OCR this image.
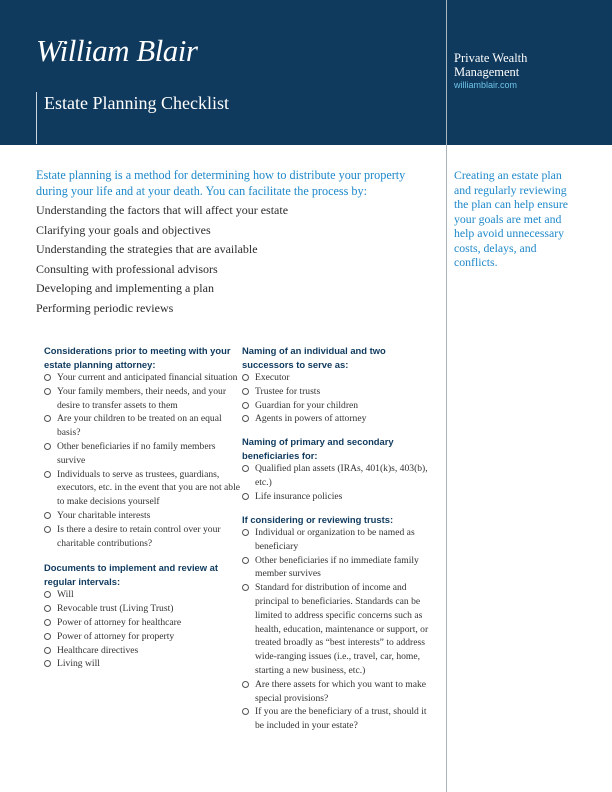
William Blair
Estate Planning Checklist
Private Wealth
Management
williamblair.com
Estate planning is a method for determining how to distribute your property during your life and at your death. You can facilitate the process by:
Understanding the factors that will affect your estate
Clarifying your goals and objectives
Understanding the strategies that are available
Consulting with professional advisors
Developing and implementing a plan
Performing periodic reviews
Creating an estate plan and regularly reviewing the plan can help ensure your goals are met and help avoid unnecessary costs, delays, and conflicts.
Considerations prior to meeting with your estate planning attorney:
Your current and anticipated financial situation
Your family members, their needs, and your desire to transfer assets to them
Are your children to be treated on an equal basis?
Other beneficiaries if no family members survive
Individuals to serve as trustees, guardians, executors, etc. in the event that you are not able to make decisions yourself
Your charitable interests
Is there a desire to retain control over your charitable contributions?
Documents to implement and review at regular intervals:
Will
Revocable trust (Living Trust)
Power of attorney for healthcare
Power of attorney for property
Healthcare directives
Living will
Naming of an individual and two successors to serve as:
Executor
Trustee for trusts
Guardian for your children
Agents in powers of attorney
Naming of primary and secondary beneficiaries for:
Qualified plan assets (IRAs, 401(k)s, 403(b), etc.)
Life insurance policies
If considering or reviewing trusts:
Individual or organization to be named as beneficiary
Other beneficiaries if no immediate family member survives
Standard for distribution of income and principal to beneficiaries. Standards can be limited to address specific concerns such as health, education, maintenance or support, or treated broadly as “best interests” to address wide-ranging issues (i.e., travel, car, home, starting a new business, etc.)
Are there assets for which you want to make special provisions?
If you are the beneficiary of a trust, should it be included in your estate?
